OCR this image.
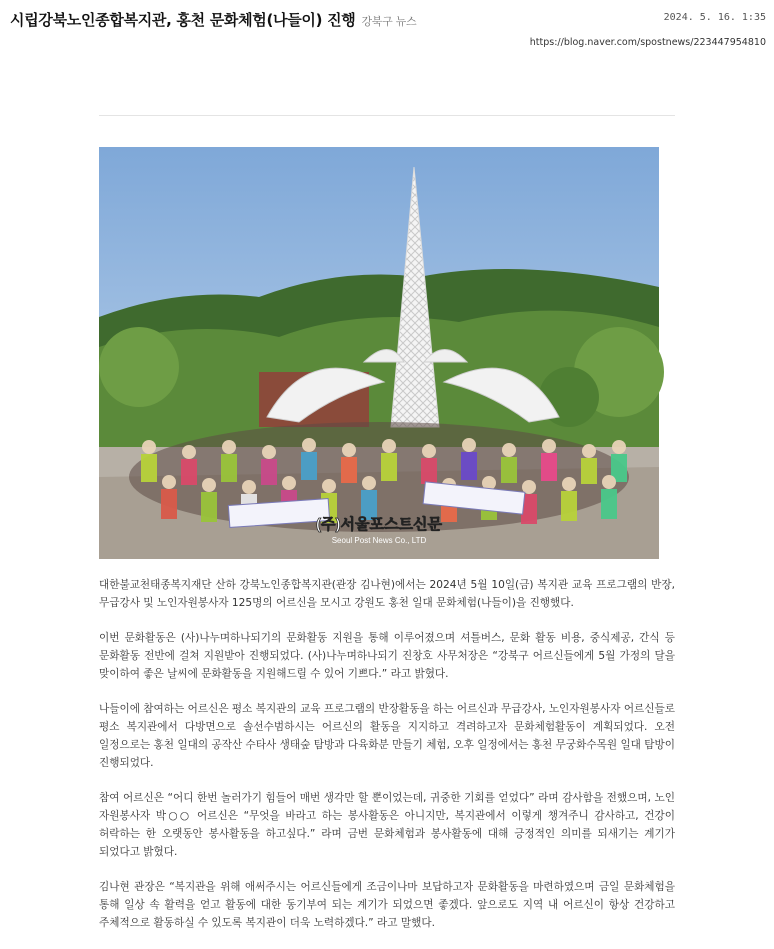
시립강북노인종합복지관, 홍천 문화체험(나들이) 진행 강북구 뉴스	2024. 5. 16. 1:35
https://blog.naver.com/spostnews/223447954810
(주)서울포스트신문
Seoul Post News Co., LTD

대한불교천태종복지재단 산하 강북노인종합복지관(관장 김나현)에서는 2024년 5월 10일(금) 복지관 교육 프로그램의 반장, 무급강사 및 노인자원봉사자 125명의 어르신을 모시고 강원도 홍천 일대 문화체험(나들이)을 진행했다.

이번 문화활동은 (사)나누며하나되기의 문화활동 지원을 통해 이루어졌으며 셔틀버스, 문화 활동 비용, 중식제공, 간식 등 문화활동 전반에 걸쳐 지원받아 진행되었다. (사)나누며하나되기 진창호 사무처장은 “강북구 어르신들에게 5월 가정의 달을 맞이하여 좋은 날씨에 문화활동을 지원해드릴 수 있어 기쁘다.” 라고 밝혔다.

나들이에 참여하는 어르신은 평소 복지관의 교육 프로그램의 반장활동을 하는 어르신과 무급강사, 노인자원봉사자 어르신들로 평소 복지관에서 다방면으로 솔선수범하시는 어르신의 활동을 지지하고 격려하고자 문화체험활동이 계획되었다. 오전 일정으로는 홍천 일대의 공작산 수타사 생태숲 탐방과 다육화분 만들기 체험, 오후 일정에서는 홍천 무궁화수목원 일대 탐방이 진행되었다.

참여 어르신은 “어디 한번 놀러가기 힘들어 매번 생각만 할 뿐이었는데, 귀중한 기회를 얻었다” 라며 감사함을 전했으며, 노인 자원봉사자 박○○ 어르신은 “무엇을 바라고 하는 봉사활동은 아니지만, 복지관에서 이렇게 챙겨주니 감사하고, 건강이 허락하는 한 오랫동안 봉사활동을 하고싶다.” 라며 금번 문화체험과 봉사활동에 대해 긍정적인 의미를 되새기는 계기가 되었다고 밝혔다.

김나현 관장은 “복지관을 위해 애써주시는 어르신들에게 조금이나마 보답하고자 문화활동을 마련하였으며 금일 문화체험을 통해 일상 속 활력을 얻고 활동에 대한 동기부여 되는 계기가 되었으면 좋겠다. 앞으로도 지역 내 어르신이 항상 건강하고 주체적으로 활동하실 수 있도록 복지관이 더욱 노력하겠다.” 라고 말했다.
